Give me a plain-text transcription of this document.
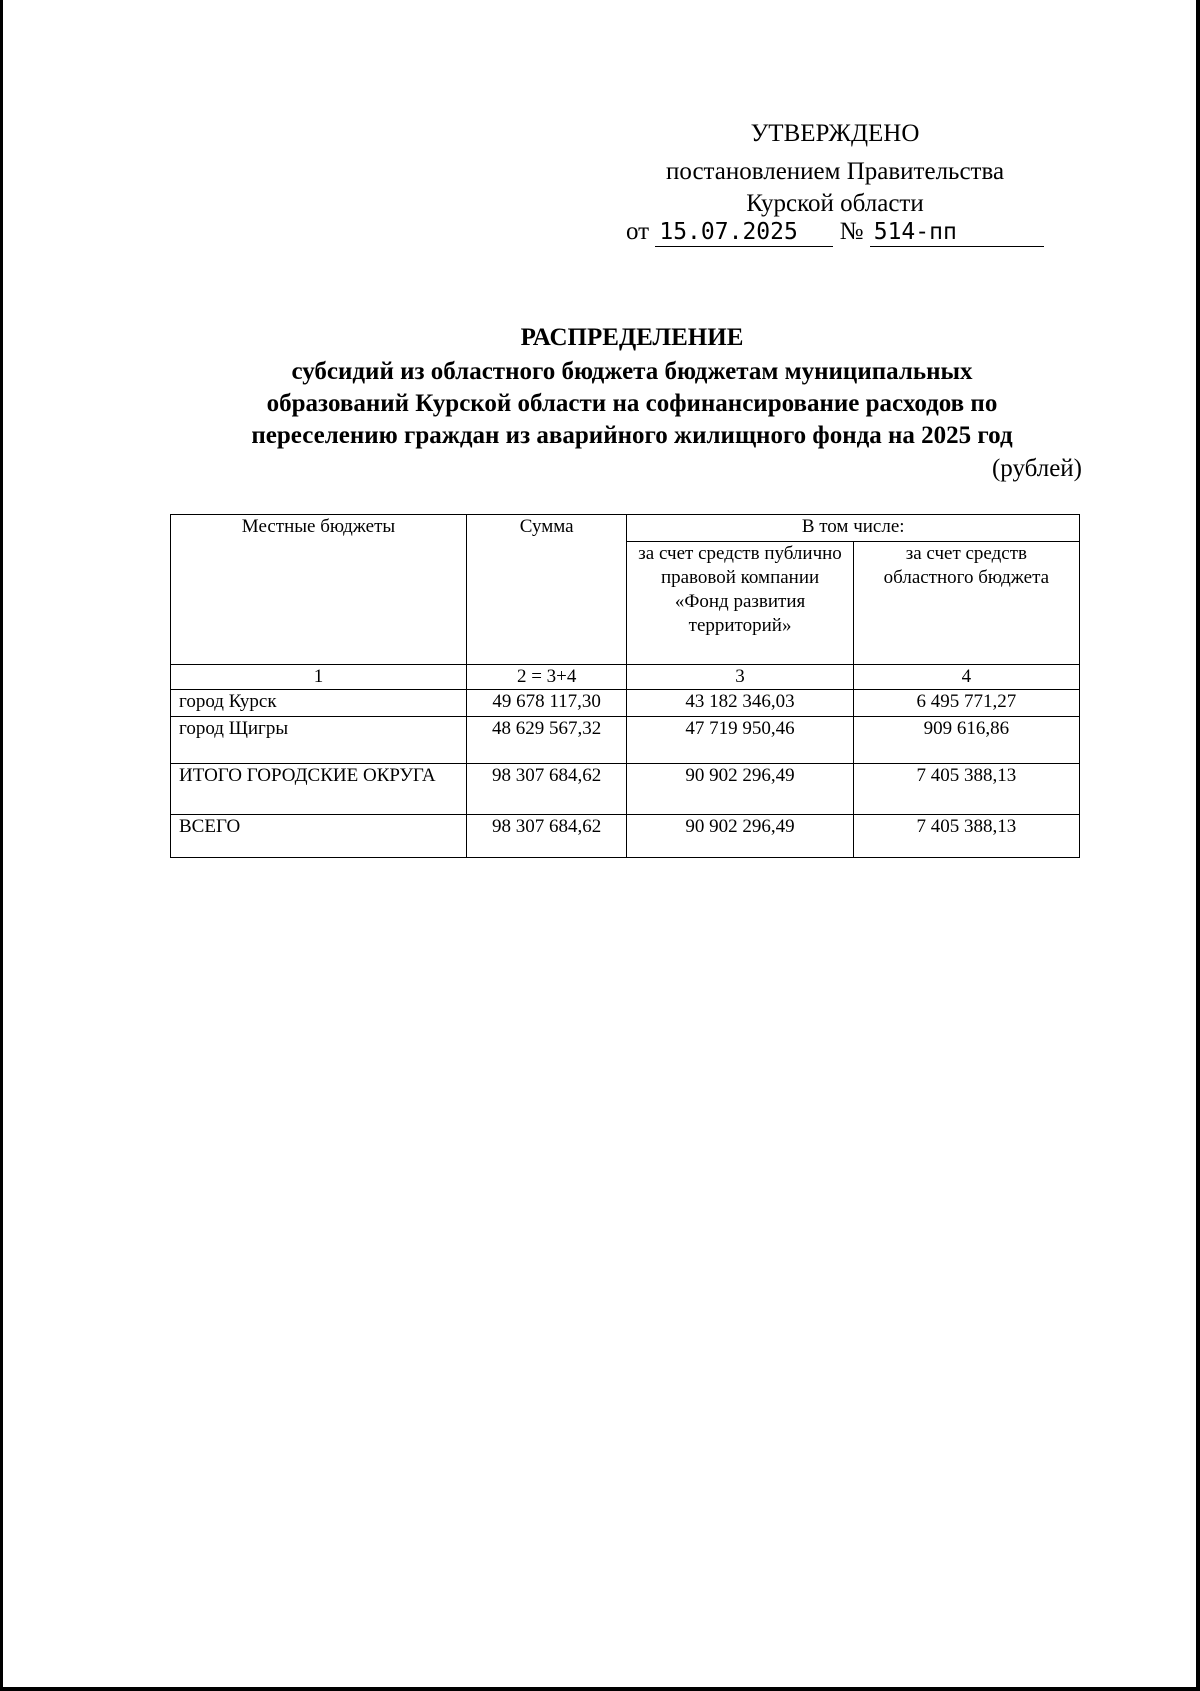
УТВЕРЖДЕНО
постановлением Правительства
Курской области
от 15.07.2025 № 514-пп
РАСПРЕДЕЛЕНИЕ
субсидий из областного бюджета бюджетам муниципальных
образований Курской области на софинансирование расходов по
переселению граждан из аварийного жилищного фонда на 2025 год
(рублей)
Местные бюджеты	Сумма	В том числе:	
		за счет средств публично правовой компании «Фонд развития территорий»	за счет средств областного бюджета
1	2 = 3+4	3	4
город Курск	49 678 117,30	43 182 346,03	6 495 771,27
город Щигры	48 629 567,32	47 719 950,46	909 616,86
ИТОГО ГОРОДСКИЕ ОКРУГА	98 307 684,62	90 902 296,49	7 405 388,13
ВСЕГО	98 307 684,62	90 902 296,49	7 405 388,13
